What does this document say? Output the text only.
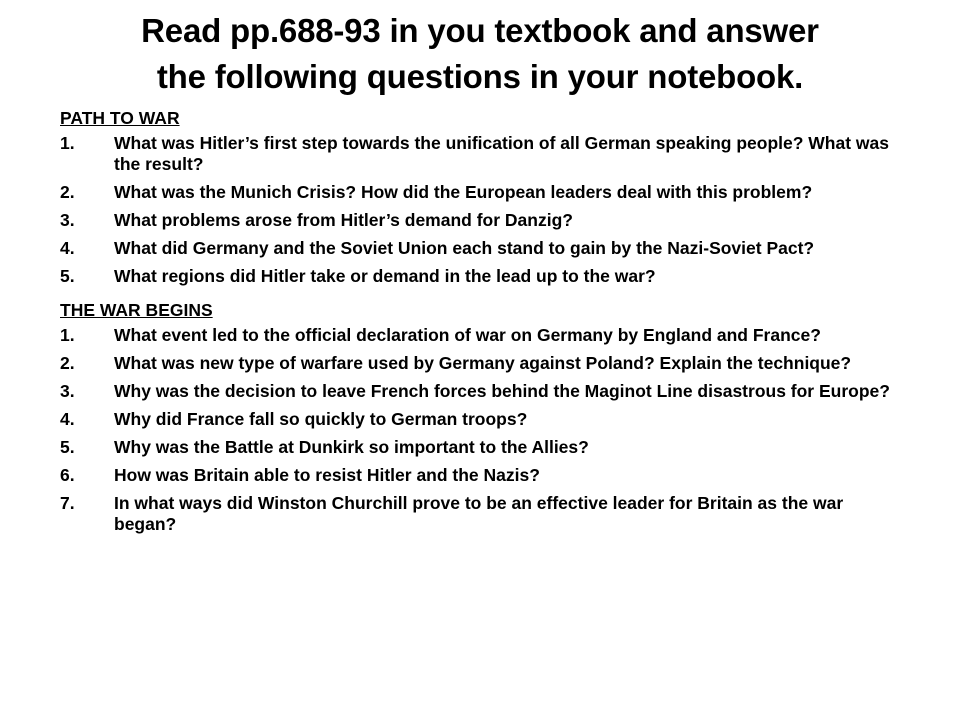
Read pp.688-93 in you textbook and answer
the following questions in your notebook.
PATH TO WAR
1. What was Hitler’s first step towards the unification of all German speaking people? What was the result?
2. What was the Munich Crisis? How did the European leaders deal with this problem?
3. What problems arose from Hitler’s demand for Danzig?
4. What did Germany and the Soviet Union each stand to gain by the Nazi-Soviet Pact?
5. What regions did Hitler take or demand in the lead up to the war?
THE WAR BEGINS
1. What event led to the official declaration of war on Germany by England and France?
2. What was new type of warfare used by Germany against Poland? Explain the technique?
3. Why was the decision to leave French forces behind the Maginot Line disastrous for Europe?
4. Why did France fall so quickly to German troops?
5. Why was the Battle at Dunkirk so important to the Allies?
6. How was Britain able to resist Hitler and the Nazis?
7. In what ways did Winston Churchill prove to be an effective leader for Britain as the war began?
